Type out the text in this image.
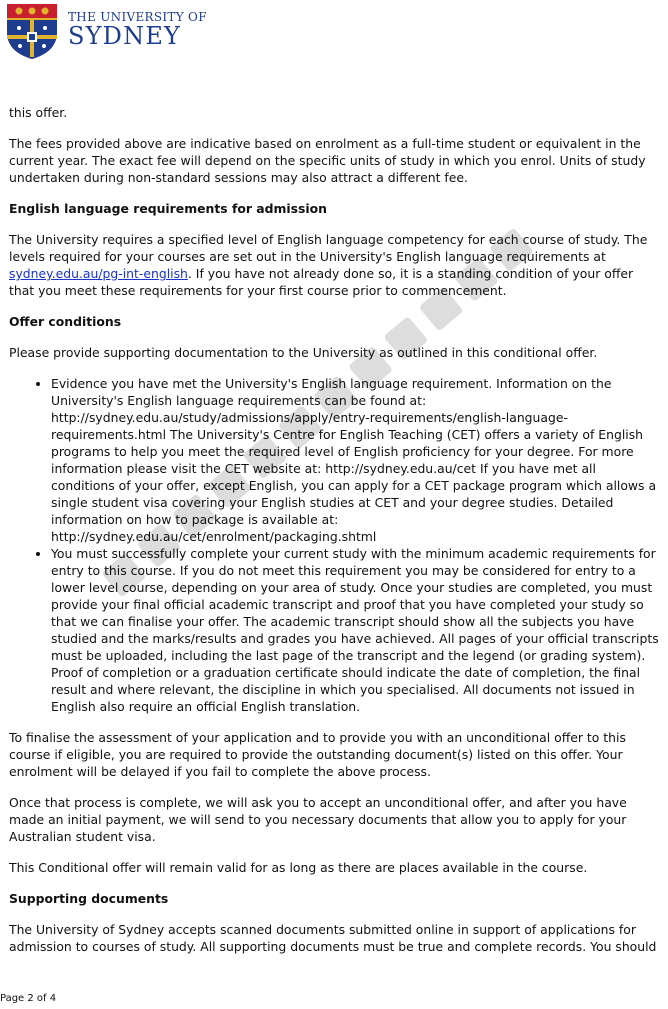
THE UNIVERSITY OF
SYDNEY

this offer.

The fees provided above are indicative based on enrolment as a full-time student or equivalent in the current year. The exact fee will depend on the specific units of study in which you enrol. Units of study undertaken during non-standard sessions may also attract a different fee.

English language requirements for admission

The University requires a specified level of English language competency for each course of study. The levels required for your courses are set out in the University's English language requirements at sydney.edu.au/pg-int-english. If you have not already done so, it is a standing condition of your offer that you meet these requirements for your first course prior to commencement.

Offer conditions

Please provide supporting documentation to the University as outlined in this conditional offer.

• Evidence you have met the University's English language requirement. Information on the University's English language requirements can be found at: http://sydney.edu.au/study/admissions/apply/entry-requirements/english-language-requirements.html The University's Centre for English Teaching (CET) offers a variety of English programs to help you meet the required level of English proficiency for your degree. For more information please visit the CET website at: http://sydney.edu.au/cet If you have met all conditions of your offer, except English, you can apply for a CET package program which allows a single student visa covering your English studies at CET and your degree studies. Detailed information on how to package is available at: http://sydney.edu.au/cet/enrolment/packaging.shtml
• You must successfully complete your current study with the minimum academic requirements for entry to this course. If you do not meet this requirement you may be considered for entry to a lower level course, depending on your area of study. Once your studies are completed, you must provide your final official academic transcript and proof that you have completed your study so that we can finalise your offer. The academic transcript should show all the subjects you have studied and the marks/results and grades you have achieved. All pages of your official transcripts must be uploaded, including the last page of the transcript and the legend (or grading system). Proof of completion or a graduation certificate should indicate the date of completion, the final result and where relevant, the discipline in which you specialised. All documents not issued in English also require an official English translation.

To finalise the assessment of your application and to provide you with an unconditional offer to this course if eligible, you are required to provide the outstanding document(s) listed on this offer. Your enrolment will be delayed if you fail to complete the above process.

Once that process is complete, we will ask you to accept an unconditional offer, and after you have made an initial payment, we will send to you necessary documents that allow you to apply for your Australian student visa.

This Conditional offer will remain valid for as long as there are places available in the course.

Supporting documents

The University of Sydney accepts scanned documents submitted online in support of applications for admission to courses of study. All supporting documents must be true and complete records. You should

Page 2 of 4
